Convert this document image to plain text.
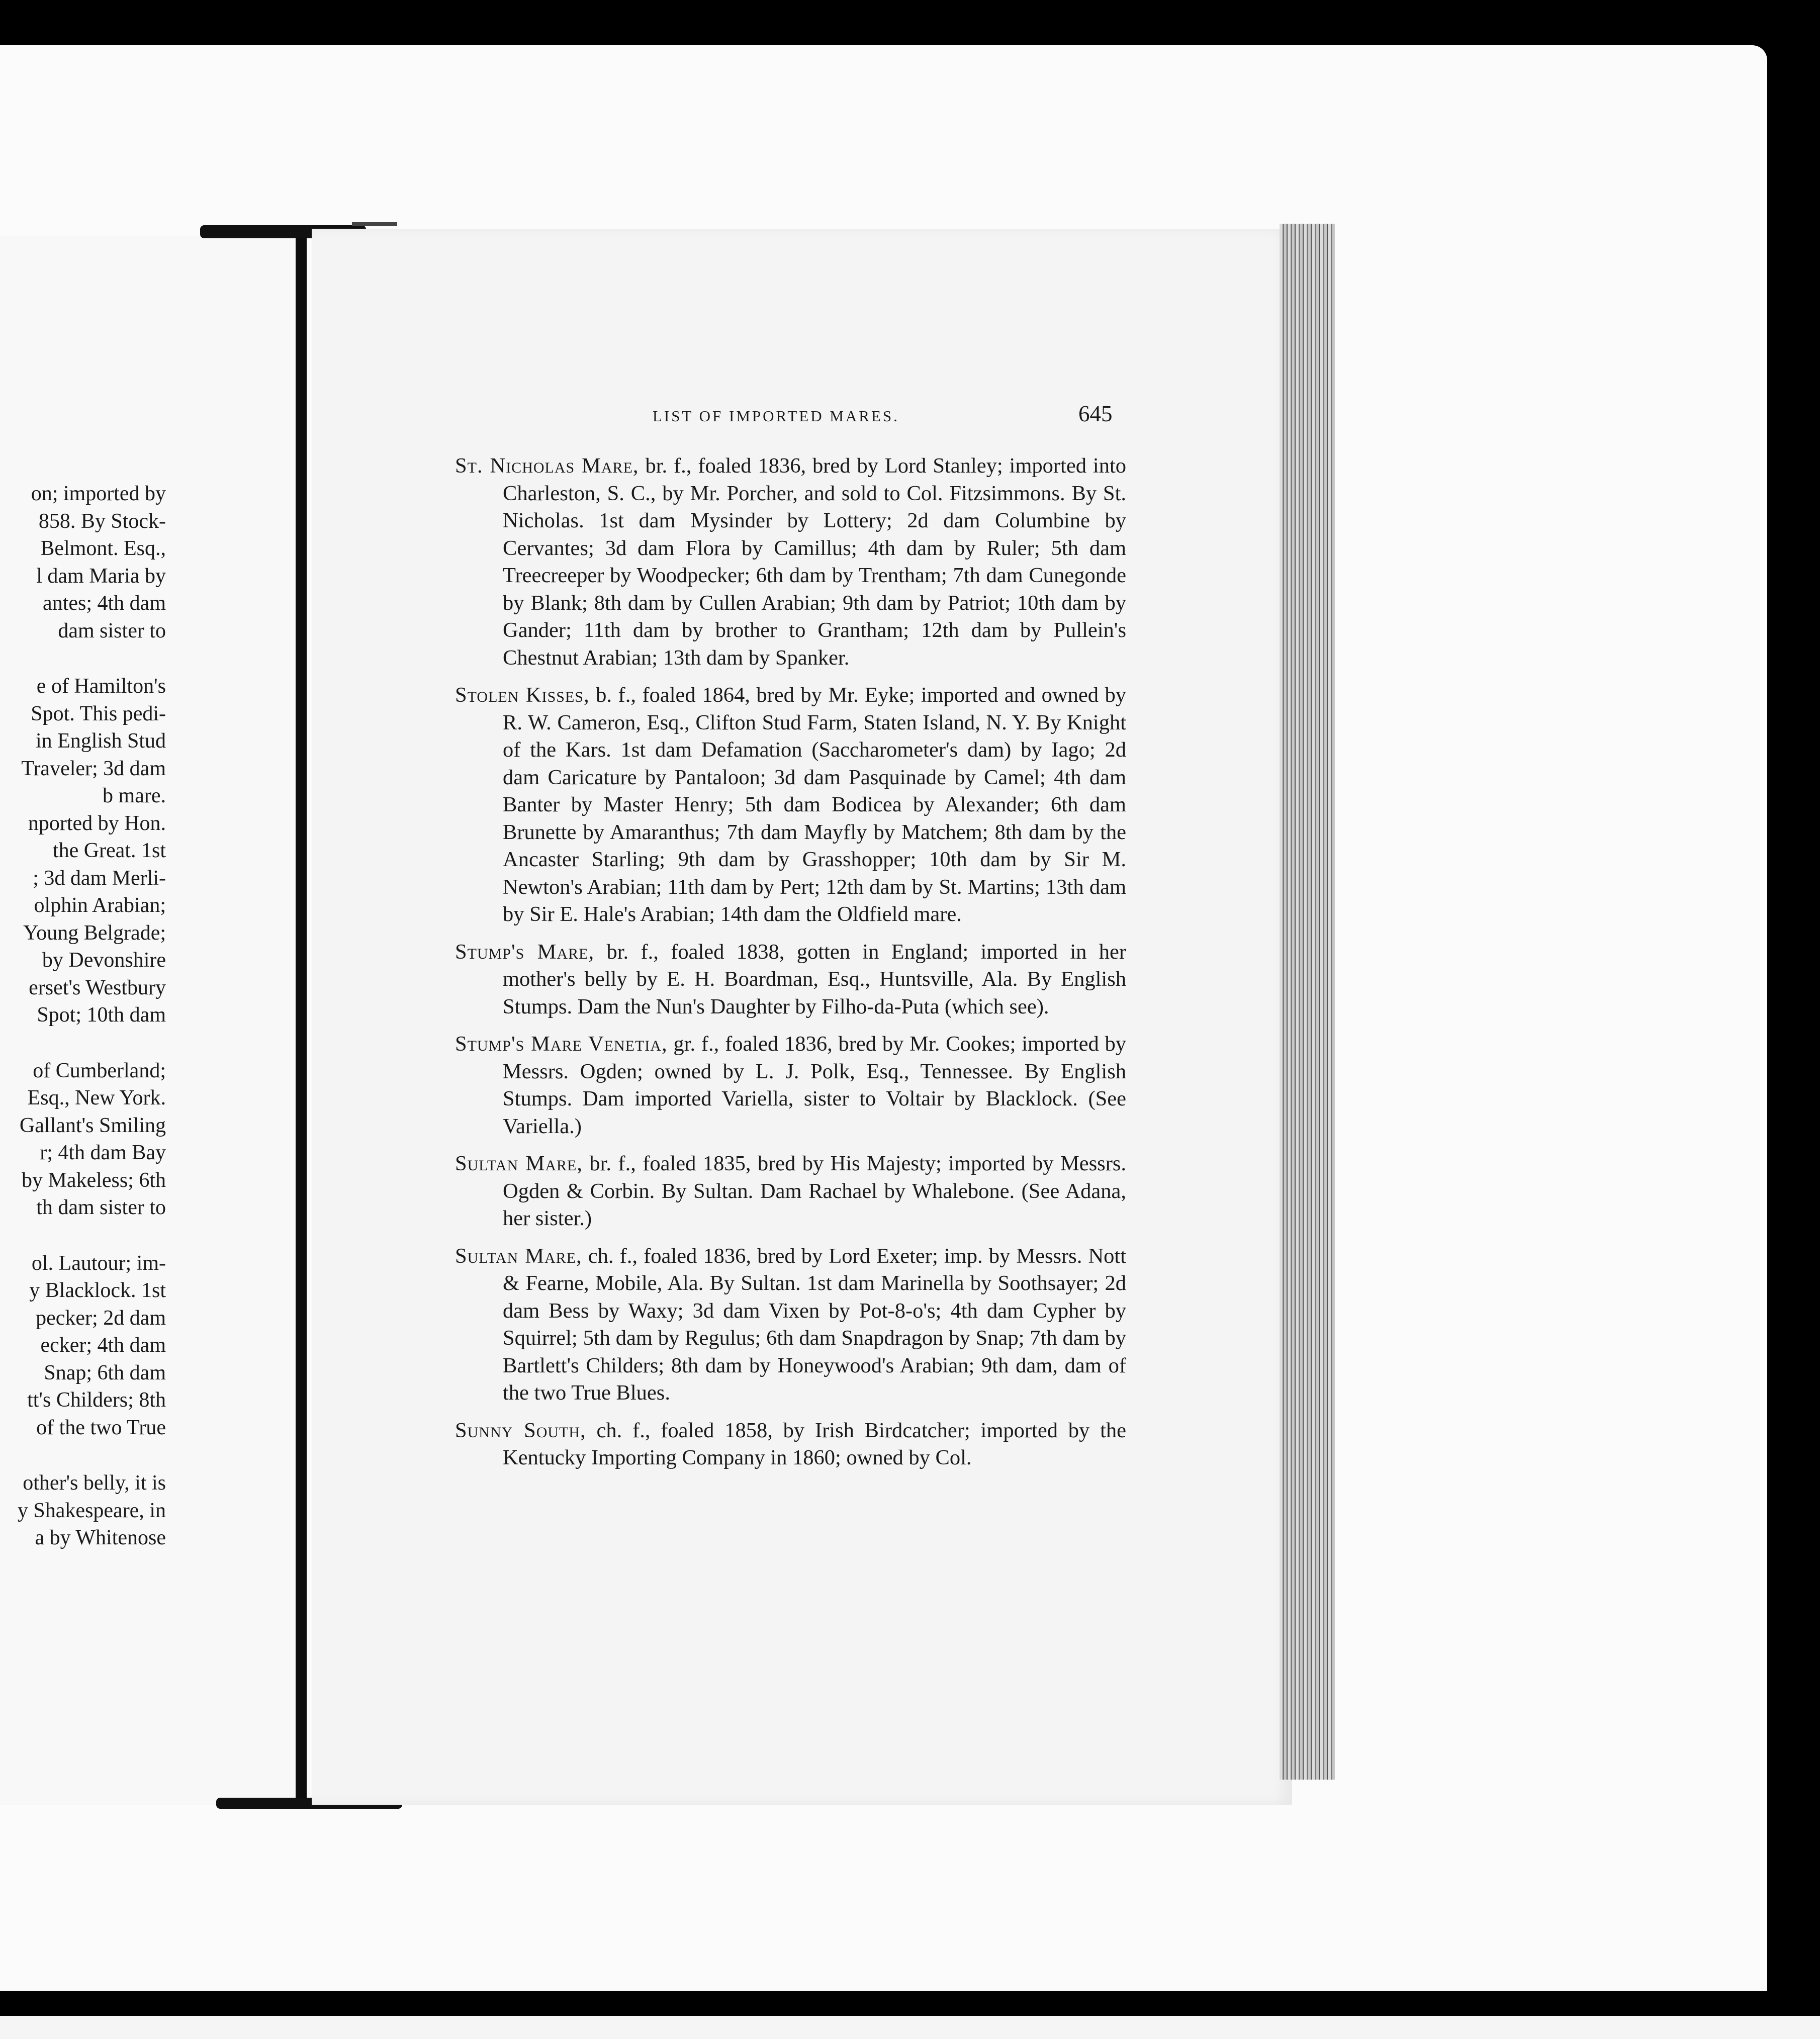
on; imported by
858. By Stock-
Belmont. Esq.,
l dam Maria by
antes; 4th dam
dam sister to
e of Hamilton's
Spot. This pedi-
in English Stud
Traveler; 3d dam
b mare.
nported by Hon.
the Great. 1st
; 3d dam Merli-
olphin Arabian;
Young Belgrade;
by Devonshire
erset's Westbury
Spot; 10th dam
of Cumberland;
Esq., New York.
Gallant's Smiling
r; 4th dam Bay
by Makeless; 6th
th dam sister to
ol. Lautour; im-
y Blacklock. 1st
pecker; 2d dam
ecker; 4th dam
Snap; 6th dam
tt's Childers; 8th
of the two True
other's belly, it is
y Shakespeare, in
a by Whitenose
LIST OF IMPORTED MARES.	645
St. Nicholas Mare, br. f., foaled 1836, bred by Lord Stanley; imported into Charleston, S. C., by Mr. Porcher, and sold to Col. Fitzsimmons. By St. Nicholas. 1st dam Mysinder by Lottery; 2d dam Columbine by Cervantes; 3d dam Flora by Camillus; 4th dam by Ruler; 5th dam Treecreeper by Woodpecker; 6th dam by Trentham; 7th dam Cunegonde by Blank; 8th dam by Cullen Arabian; 9th dam by Patriot; 10th dam by Gander; 11th dam by brother to Grantham; 12th dam by Pullein's Chestnut Arabian; 13th dam by Spanker.
Stolen Kisses, b. f., foaled 1864, bred by Mr. Eyke; imported and owned by R. W. Cameron, Esq., Clifton Stud Farm, Staten Island, N. Y. By Knight of the Kars. 1st dam Defamation (Saccharometer's dam) by Iago; 2d dam Caricature by Pantaloon; 3d dam Pasquinade by Camel; 4th dam Banter by Master Henry; 5th dam Bodicea by Alexander; 6th dam Brunette by Amaranthus; 7th dam Mayfly by Matchem; 8th dam by the Ancaster Starling; 9th dam by Grasshopper; 10th dam by Sir M. Newton's Arabian; 11th dam by Pert; 12th dam by St. Martins; 13th dam by Sir E. Hale's Arabian; 14th dam the Oldfield mare.
Stump's Mare, br. f., foaled 1838, gotten in England; imported in her mother's belly by E. H. Boardman, Esq., Huntsville, Ala. By English Stumps. Dam the Nun's Daughter by Filho-da-Puta (which see).
Stump's Mare Venetia, gr. f., foaled 1836, bred by Mr. Cookes; imported by Messrs. Ogden; owned by L. J. Polk, Esq., Tennessee. By English Stumps. Dam imported Variella, sister to Voltair by Blacklock. (See Variella.)
Sultan Mare, br. f., foaled 1835, bred by His Majesty; imported by Messrs. Ogden & Corbin. By Sultan. Dam Rachael by Whalebone. (See Adana, her sister.)
Sultan Mare, ch. f., foaled 1836, bred by Lord Exeter; imp. by Messrs. Nott & Fearne, Mobile, Ala. By Sultan. 1st dam Marinella by Soothsayer; 2d dam Bess by Waxy; 3d dam Vixen by Pot-8-o's; 4th dam Cypher by Squirrel; 5th dam by Regulus; 6th dam Snapdragon by Snap; 7th dam by Bartlett's Childers; 8th dam by Honeywood's Arabian; 9th dam, dam of the two True Blues.
Sunny South, ch. f., foaled 1858, by Irish Birdcatcher; imported by the Kentucky Importing Company in 1860; owned by Col.
